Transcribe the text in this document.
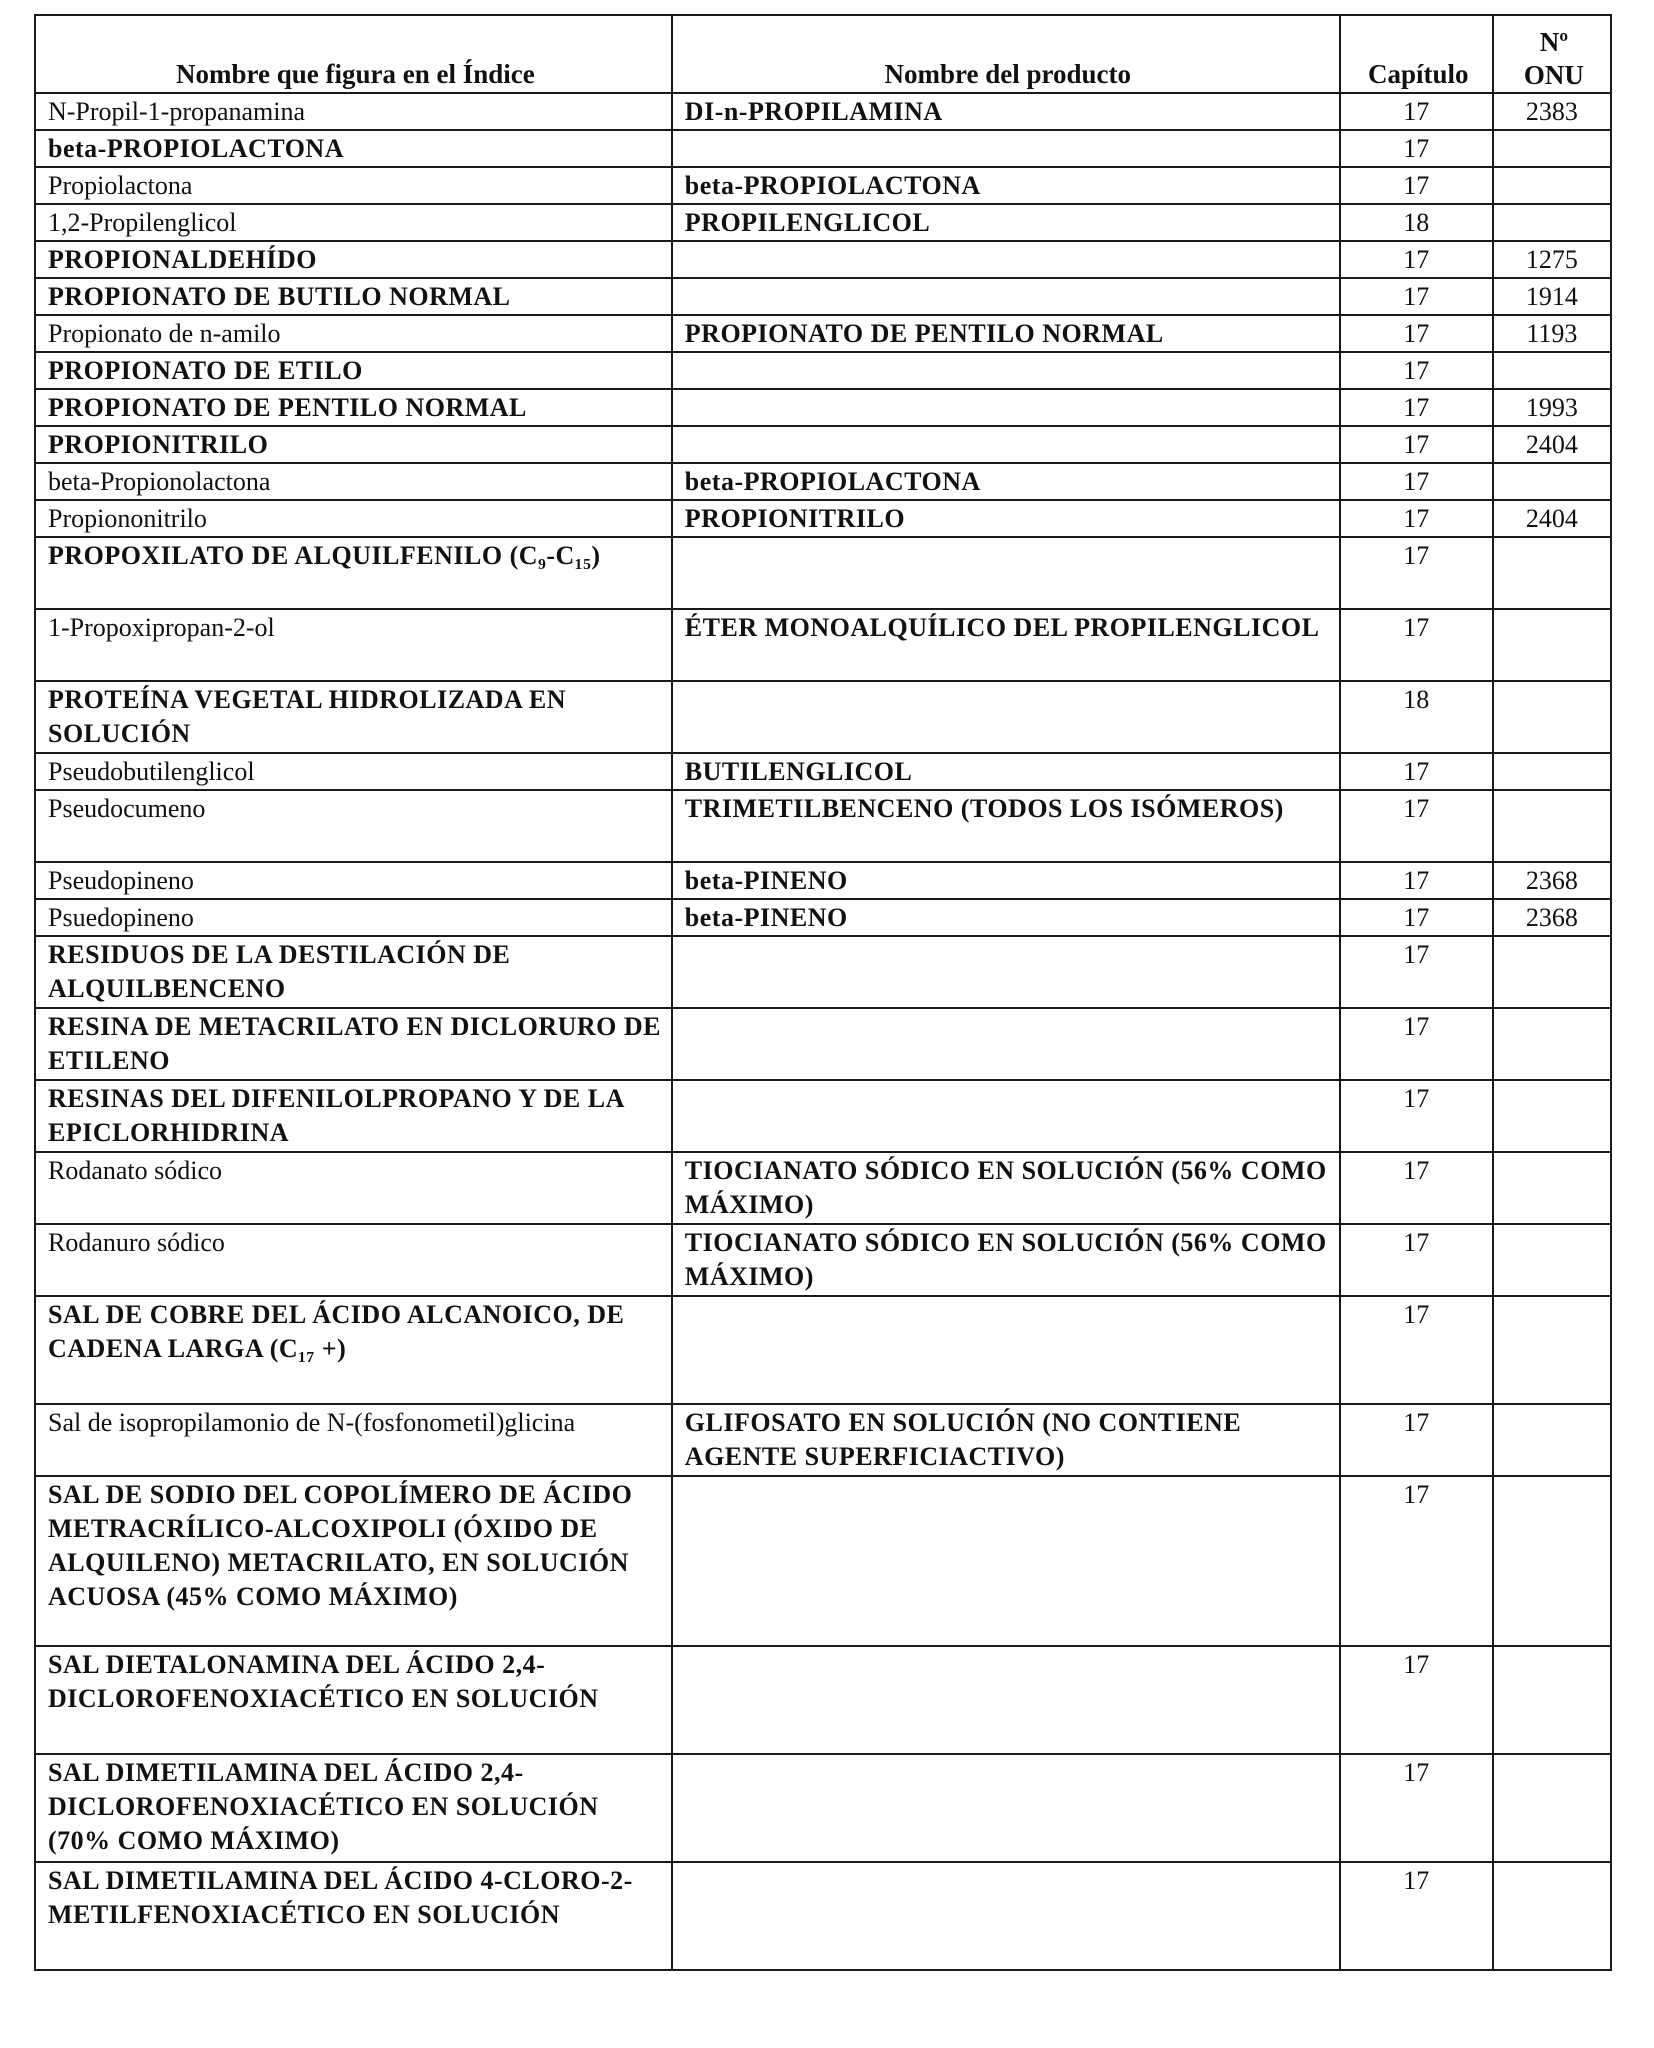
Nombre que figura en el Índice	Nombre del producto	Capítulo	Nº
ONU
N-Propil-1-propanamina	DI-n-PROPILAMINA	17	2383
beta-PROPIOLACTONA		17	
Propiolactona	beta-PROPIOLACTONA	17	
1,2-Propilenglicol	PROPILENGLICOL	18	
PROPIONALDEHÍDO		17	1275
PROPIONATO DE BUTILO NORMAL		17	1914
Propionato de n-amilo	PROPIONATO DE PENTILO NORMAL	17	1193
PROPIONATO DE ETILO		17	
PROPIONATO DE PENTILO NORMAL		17	1993
PROPIONITRILO		17	2404
beta-Propionolactona	beta-PROPIOLACTONA	17	
Propiononitrilo	PROPIONITRILO	17	2404
PROPOXILATO DE ALQUILFENILO (C₉-C₁₅)		17	
1-Propoxipropan-2-ol	ÉTER MONOALQUÍLICO DEL PROPILENGLICOL	17	
PROTEÍNA VEGETAL HIDROLIZADA EN SOLUCIÓN		18	
Pseudobutilenglicol	BUTILENGLICOL	17	
Pseudocumeno	TRIMETILBENCENO (TODOS LOS ISÓMEROS)	17	
Pseudopineno	beta-PINENO	17	2368
Psuedopineno	beta-PINENO	17	2368
RESIDUOS DE LA DESTILACIÓN DE ALQUILBENCENO		17	
RESINA DE METACRILATO EN DICLORURO DE ETILENO		17	
RESINAS DEL DIFENILOLPROPANO Y DE LA EPICLORHIDRINA		17	
Rodanato sódico	TIOCIANATO SÓDICO EN SOLUCIÓN (56% COMO MÁXIMO)	17	
Rodanuro sódico	TIOCIANATO SÓDICO EN SOLUCIÓN (56% COMO MÁXIMO)	17	
SAL DE COBRE DEL ÁCIDO ALCANOICO, DE CADENA LARGA (C₁₇ +)		17	
Sal de isopropilamonio de N-(fosfonometil)glicina	GLIFOSATO EN SOLUCIÓN (NO CONTIENE AGENTE SUPERFICIACTIVO)	17	
SAL DE SODIO DEL COPOLÍMERO DE ÁCIDO METRACRÍLICO-ALCOXIPOLI (ÓXIDO DE ALQUILENO) METACRILATO, EN SOLUCIÓN ACUOSA (45% COMO MÁXIMO)		17	
SAL DIETALONAMINA DEL ÁCIDO 2,4-DICLOROFENOXIACÉTICO EN SOLUCIÓN		17	
SAL DIMETILAMINA DEL ÁCIDO 2,4-DICLOROFENOXIACÉTICO EN SOLUCIÓN (70% COMO MÁXIMO)		17	
SAL DIMETILAMINA DEL ÁCIDO 4-CLORO-2-METILFENOXIACÉTICO EN SOLUCIÓN		17	
